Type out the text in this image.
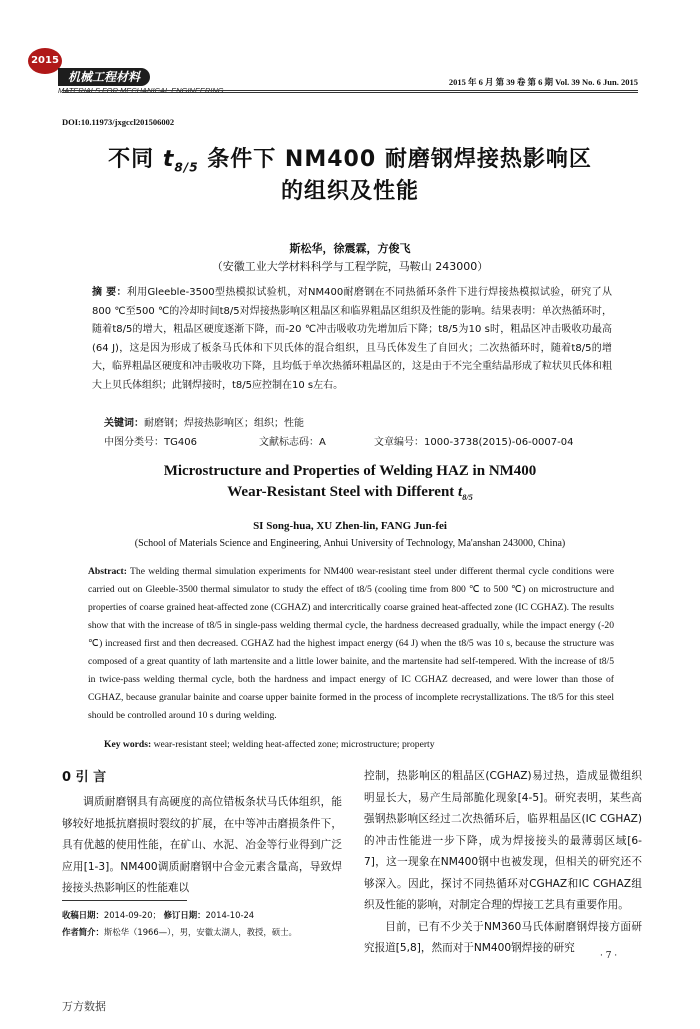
2015
机械工程材料
MATERIALS FOR MECHANICAL ENGINEERING
2015 年 6 月 第 39 卷 第 6 期 Vol. 39 No. 6 Jun. 2015
DOI:10.11973/jxgccl201506002
不同 $t_{8/5}$ 条件下 NM400 耐磨钢焊接热影响区
的组织及性能
斯松华，徐震霖，方俊飞
（安徽工业大学材料科学与工程学院，马鞍山 243000）
摘 要：利用Gleeble-3500型热模拟试验机，对NM400耐磨钢在不同热循环条件下进行焊接热模拟试验，研究了从800 ℃至500 ℃的冷却时间t8/5对焊接热影响区粗晶区和临界粗晶区组织及性能的影响。结果表明：单次热循环时，随着t8/5的增大，粗晶区硬度逐渐下降，而-20 ℃冲击吸收功先增加后下降；t8/5为10 s时，粗晶区冲击吸收功最高(64 J)，这是因为形成了板条马氏体和下贝氏体的混合组织，且马氏体发生了自回火；二次热循环时，随着t8/5的增大，临界粗晶区硬度和冲击吸收功下降，且均低于单次热循环粗晶区的，这是由于不完全重结晶形成了粒状贝氏体和粗大上贝氏体组织；此钢焊接时，t8/5应控制在10 s左右。
关键词：耐磨钢；焊接热影响区；组织；性能
中图分类号：TG406	文献标志码：A	文章编号：1000-3738(2015)-06-0007-04
Microstructure and Properties of Welding HAZ in NM400
Wear-Resistant Steel with Different $t_{8/5}$
SI Song-hua, XU Zhen-lin, FANG Jun-fei
(School of Materials Science and Engineering, Anhui University of Technology, Ma'anshan 243000, China)
Abstract: The welding thermal simulation experiments for NM400 wear-resistant steel under different thermal cycle conditions were carried out on Gleeble-3500 thermal simulator to study the effect of t8/5 (cooling time from 800 ℃ to 500 ℃) on microstructure and properties of coarse grained heat-affected zone (CGHAZ) and intercritically coarse grained heat-affected zone (IC CGHAZ). The results show that with the increase of t8/5 in single-pass welding thermal cycle, the hardness decreased gradually, while the impact energy (-20 ℃) increased first and then decreased. CGHAZ had the highest impact energy (64 J) when the t8/5 was 10 s, because the structure was composed of a great quantity of lath martensite and a little lower bainite, and the martensite had self-tempered. With the increase of t8/5 in twice-pass welding thermal cycle, both the hardness and impact energy of IC CGHAZ decreased, and were lower than those of CGHAZ, because granular bainite and coarse upper bainite formed in the process of incomplete recrystallizations. The t8/5 for this steel should be controlled around 10 s during welding.
Key words: wear-resistant steel; welding heat-affected zone; microstructure; property
0 引 言
调质耐磨钢具有高硬度的高位错板条状马氏体组织，能够较好地抵抗磨损时裂纹的扩展，在中等冲击磨损条件下，具有优越的使用性能，在矿山、水泥、冶金等行业得到广泛应用[1-3]。NM400调质耐磨钢中合金元素含量高，导致焊接接头热影响区的性能难以
控制，热影响区的粗晶区(CGHAZ)易过热，造成显微组织明显长大，易产生局部脆化现象[4-5]。研究表明，某些高强钢热影响区经过二次热循环后，临界粗晶区(IC CGHAZ)的冲击性能进一步下降，成为焊接接头的最薄弱区域[6-7]，这一现象在NM400钢中也被发现，但相关的研究还不够深入。因此，探讨不同热循环对CGHAZ和IC CGHAZ组织及性能的影响，对制定合理的焊接工艺具有重要作用。
目前，已有不少关于NM360马氏体耐磨钢焊接方面研究报道[5,8]，然而对于NM400钢焊接的研究
收稿日期：2014-09-20； 修订日期：2014-10-24
作者简介：斯松华（1966—），男，安徽太湖人，教授，硕士。
· 7 ·
万方数据
